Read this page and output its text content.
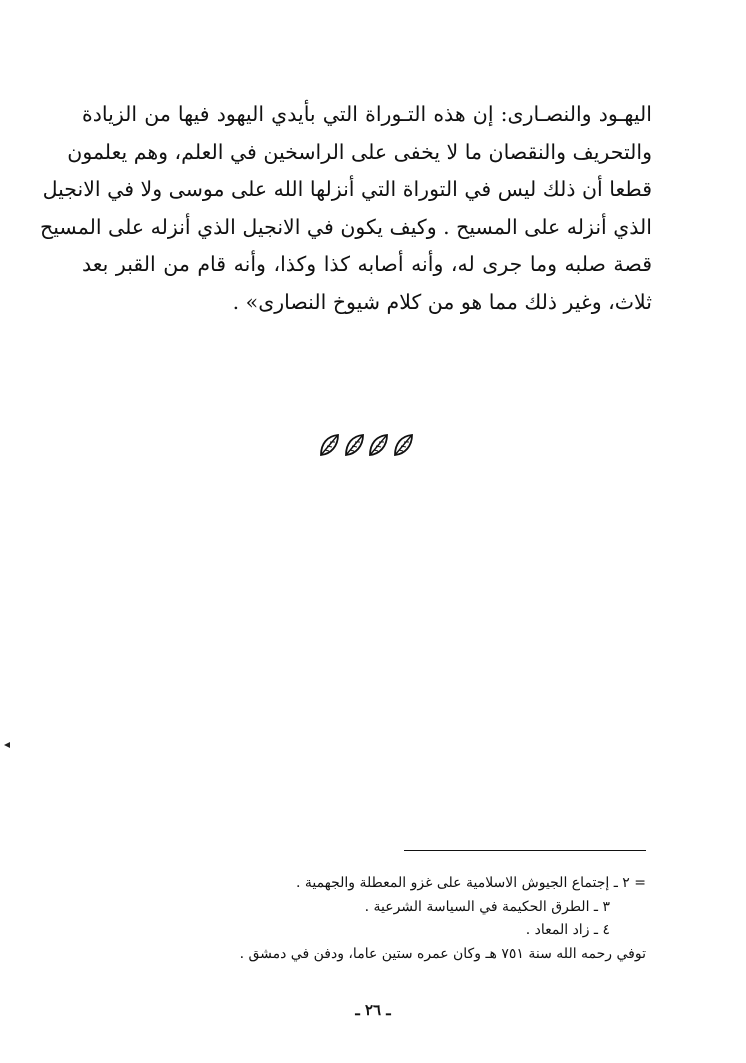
اليهـود والنصـارى: إن هذه التـوراة التي بأيدي اليهود فيها من الزيادة
والتحريف والنقصان ما لا يخفى على الراسخين في العلم، وهم يعلمون
قطعا أن ذلك ليس في التوراة التي أنزلها الله على موسى ولا في الانجيل
الذي أنزله على المسيح . وكيف يكون في الانجيل الذي أنزله على المسيح
قصة صلبه وما جرى له، وأنه أصابه كذا وكذا، وأنه قام من القبر بعد
ثلاث، وغير ذلك مما هو من كلام شيوخ النصارى» .
= ٢ ـ إجتماع الجيوش الاسلامية على غزو المعطلة والجهمية .
٣ ـ الطرق الحكيمة في السياسة الشرعية .
٤ ـ زاد المعاد .
توفي رحمه الله سنة ٧٥١ هـ وكان عمره ستين عاما، ودفن في دمشق .
ـ ٢٦ ـ
